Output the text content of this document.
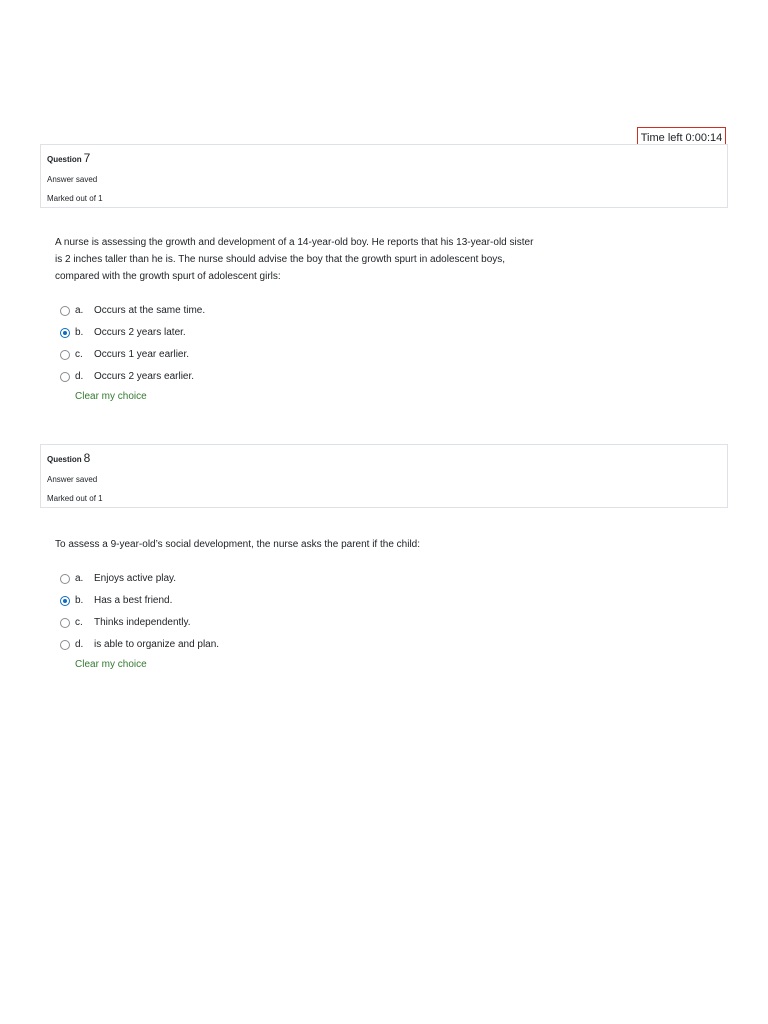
Time left 0:00:14
Question 7
Answer saved
Marked out of 1
A nurse is assessing the growth and development of a 14-year-old boy. He reports that his 13-year-old sister is 2 inches taller than he is. The nurse should advise the boy that the growth spurt in adolescent boys, compared with the growth spurt of adolescent girls:
a.	Occurs at the same time.
b.	Occurs 2 years later.
c.	Occurs 1 year earlier.
d.	Occurs 2 years earlier.
Clear my choice
Question 8
Answer saved
Marked out of 1
To assess a 9-year-old’s social development, the nurse asks the parent if the child:
a.	Enjoys active play.
b.	Has a best friend.
c.	Thinks independently.
d.	is able to organize and plan.
Clear my choice
